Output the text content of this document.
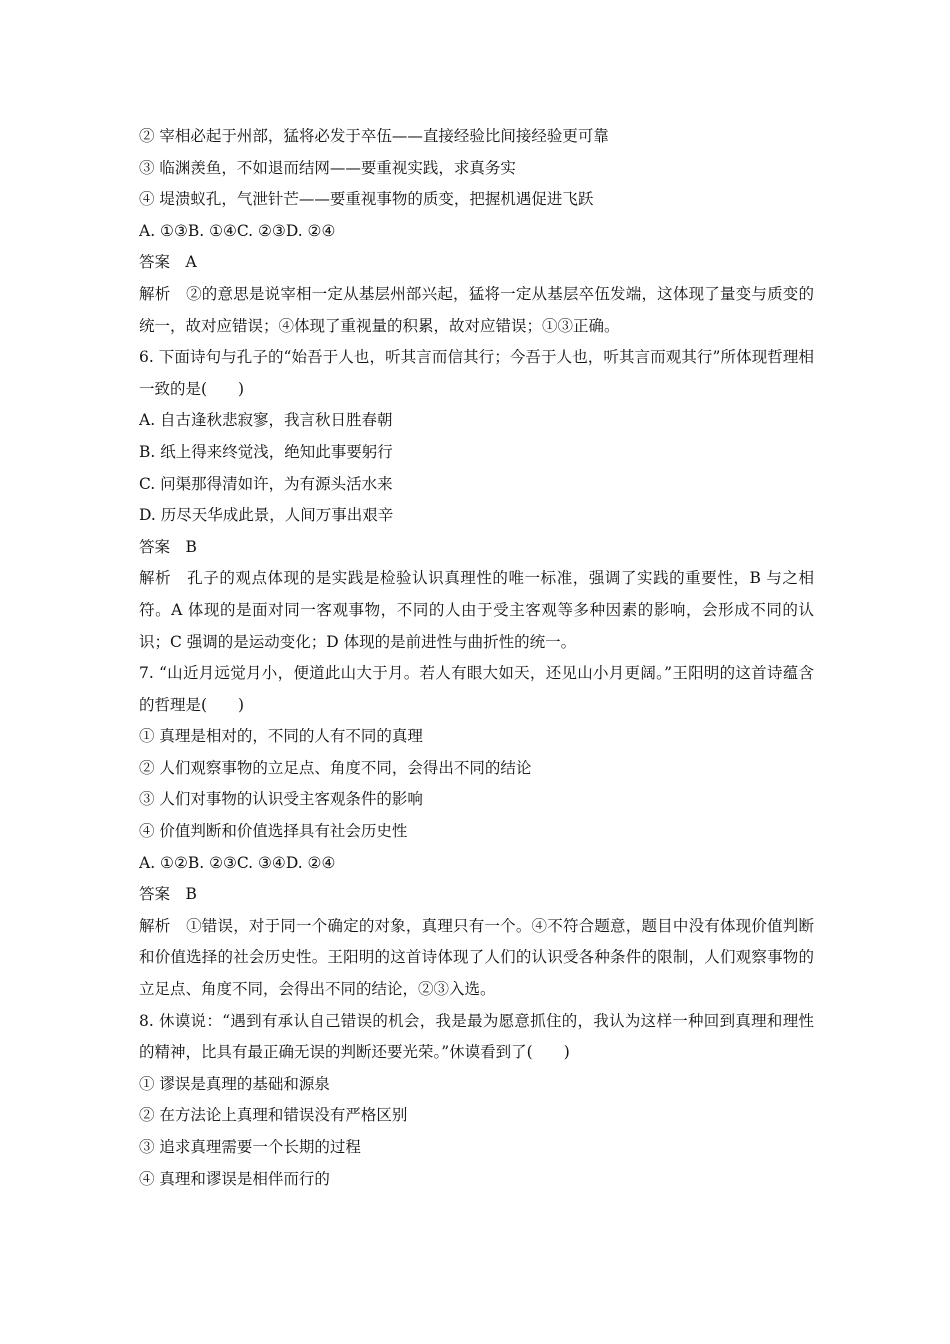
② 宰相必起于州部，猛将必发于卒伍——直接经验比间接经验更可靠
③ 临渊羡鱼，不如退而结网——要重视实践，求真务实
④ 堤溃蚁孔，气泄针芒——要重视事物的质变，把握机遇促进飞跃
A. ①③B. ①④C. ②③D. ②④
答案　A
解析　②的意思是说宰相一定从基层州部兴起，猛将一定从基层卒伍发端，这体现了量变与质变的统一，故对应错误；④体现了重视量的积累，故对应错误；①③正确。
6. 下面诗句与孔子的“始吾于人也，听其言而信其行；今吾于人也，听其言而观其行”所体现哲理相一致的是(　　)
A. 自古逢秋悲寂寥，我言秋日胜春朝
B. 纸上得来终觉浅，绝知此事要躬行
C. 问渠那得清如许，为有源头活水来
D. 历尽天华成此景，人间万事出艰辛
答案　B
解析　孔子的观点体现的是实践是检验认识真理性的唯一标准，强调了实践的重要性，B 与之相符。A 体现的是面对同一客观事物，不同的人由于受主客观等多种因素的影响，会形成不同的认识；C 强调的是运动变化；D 体现的是前进性与曲折性的统一。
7. “山近月远觉月小，便道此山大于月。若人有眼大如天，还见山小月更阔。”王阳明的这首诗蕴含的哲理是(　　)
① 真理是相对的，不同的人有不同的真理
② 人们观察事物的立足点、角度不同，会得出不同的结论
③ 人们对事物的认识受主客观条件的影响
④ 价值判断和价值选择具有社会历史性
A. ①②B. ②③C. ③④D. ②④
答案　B
解析　①错误，对于同一个确定的对象，真理只有一个。④不符合题意，题目中没有体现价值判断和价值选择的社会历史性。王阳明的这首诗体现了人们的认识受各种条件的限制，人们观察事物的立足点、角度不同，会得出不同的结论，②③入选。
8. 休谟说：“遇到有承认自己错误的机会，我是最为愿意抓住的，我认为这样一种回到真理和理性的精神，比具有最正确无误的判断还要光荣。”休谟看到了(　　)
① 谬误是真理的基础和源泉
② 在方法论上真理和错误没有严格区别
③ 追求真理需要一个长期的过程
④ 真理和谬误是相伴而行的
